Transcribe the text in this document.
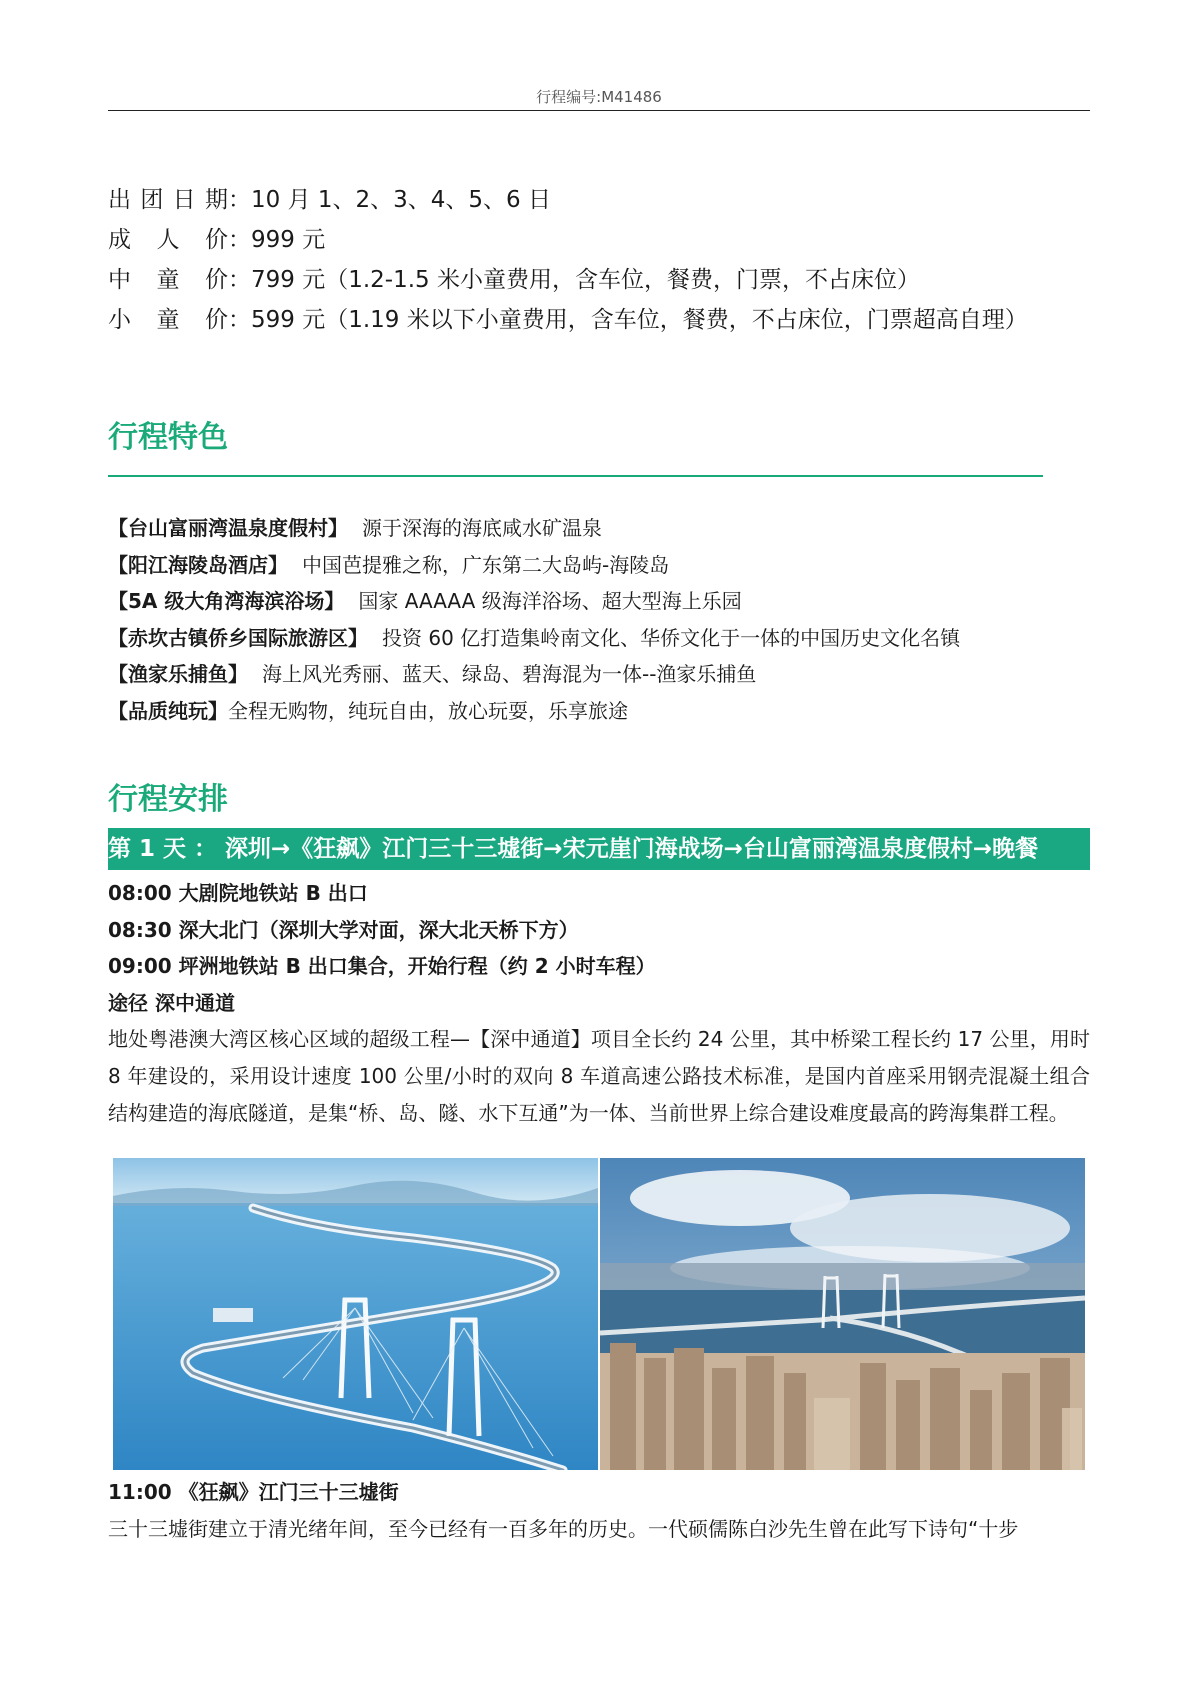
行程编号:M41486
出 团 日 期 ： 10 月 1、2、3、4、5、6 日
成 人 价 ： 999 元
中 童 价 ： 799 元（1.2-1.5 米小童费用，含车位，餐费，门票，不占床位）
小 童 价 ： 599 元（1.19 米以下小童费用，含车位，餐费，不占床位，门票超高自理）
行程特色
【台山富丽湾温泉度假村】 源于深海的海底咸水矿温泉
【阳江海陵岛酒店】 中国芭提雅之称，广东第二大岛屿-海陵岛
【5A 级大角湾海滨浴场】 国家 AAAAA 级海洋浴场、超大型海上乐园
【赤坎古镇侨乡国际旅游区】 投资 60 亿打造集岭南文化、华侨文化于一体的中国历史文化名镇
【渔家乐捕鱼】 海上风光秀丽、蓝天、绿岛、碧海混为一体--渔家乐捕鱼
【品质纯玩】全程无购物，纯玩自由，放心玩耍，乐享旅途
行程安排
第 1 天 ： 深圳→《狂飙》江门三十三墟街→宋元崖门海战场→台山富丽湾温泉度假村→晚餐
08:00 大剧院地铁站 B 出口
08:30 深大北门（深圳大学对面，深大北天桥下方）
09:00 坪洲地铁站 B 出口集合，开始行程（约 2 小时车程）
途径 深中通道
地处粤港澳大湾区核心区域的超级工程—【深中通道】项目全长约 24 公里，其中桥梁工程长约 17 公里，用时 8 年建设的，采用设计速度 100 公里/小时的双向 8 车道高速公路技术标准，是国内首座采用钢壳混凝土组合结构建造的海底隧道，是集“桥、岛、隧、水下互通”为一体、当前世界上综合建设难度最高的跨海集群工程。
11:00 《狂飙》江门三十三墟街
三十三墟街建立于清光绪年间，至今已经有一百多年的历史。一代硕儒陈白沙先生曾在此写下诗句“十步
